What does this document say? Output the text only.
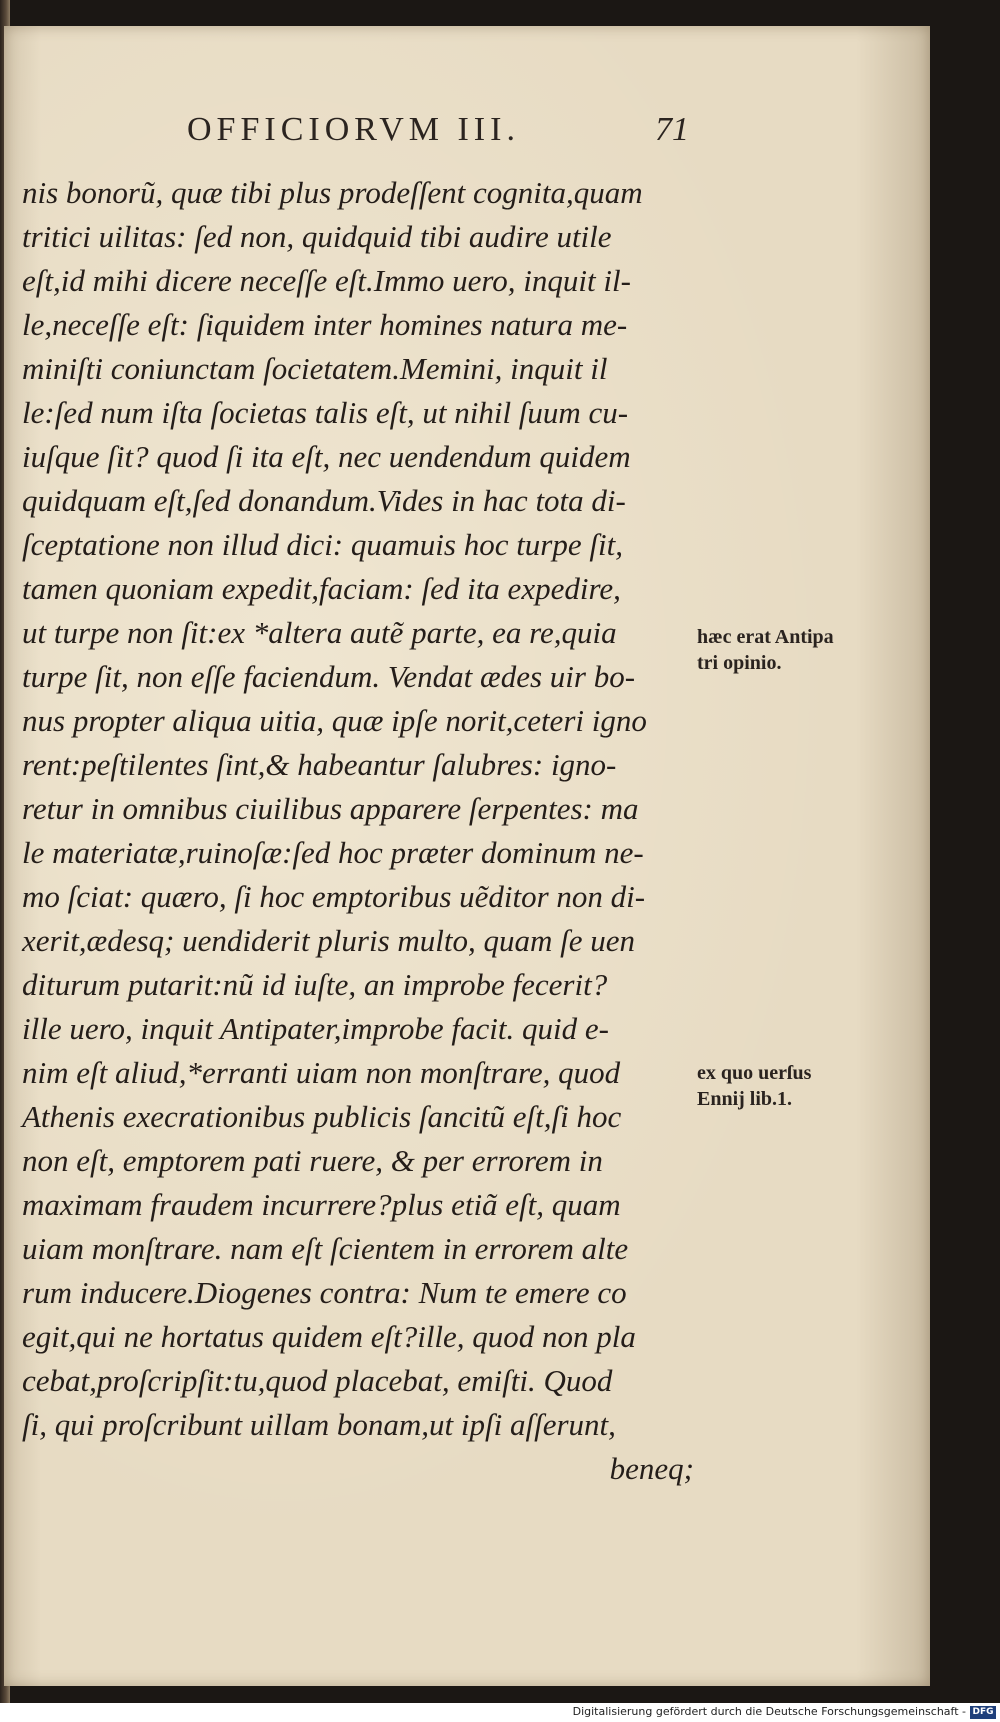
OFFICIORVM III.	71
nis bonorũ, quæ tibi plus prodeſſent cognita,quam
tritici uilitas: ſed non, quidquid tibi audire utile
eſt,id mihi dicere neceſſe eſt.Immo uero, inquit il-
le,neceſſe eſt: ſiquidem inter homines natura me-
miniſti coniunctam ſocietatem.Memini, inquit il
le:ſed num iſta ſocietas talis eſt, ut nihil ſuum cu-
iuſque ſit? quod ſi ita eſt, nec uendendum quidem
quidquam eſt,ſed donandum.Vides in hac tota di-
ſceptatione non illud dici: quamuis hoc turpe ſit,
tamen quoniam expedit,faciam: ſed ita expedire,
ut turpe non ſit:ex *altera autẽ parte, ea re,quia
turpe ſit, non eſſe faciendum. Vendat ædes uir bo-
nus propter aliqua uitia, quæ ipſe norit,ceteri igno
rent:peſtilentes ſint,& habeantur ſalubres: igno-
retur in omnibus ciuilibus apparere ſerpentes: ma
le materiatæ,ruinoſæ:ſed hoc præter dominum ne-
mo ſciat: quæro, ſi hoc emptoribus uẽditor non di-
xerit,ædesq; uendiderit pluris multo, quam ſe uen
diturum putarit:nũ id iuſte, an improbe fecerit?
ille uero, inquit Antipater,improbe facit. quid e-
nim eſt aliud,*erranti uiam non monſtrare, quod
Athenis execrationibus publicis ſancitũ eſt,ſi hoc
non eſt, emptorem pati ruere, & per errorem in
maximam fraudem incurrere?plus etiã eſt, quam
uiam monſtrare. nam eſt ſcientem in errorem alte
rum inducere.Diogenes contra: Num te emere co
egit,qui ne hortatus quidem eſt?ille, quod non pla
cebat,proſcripſit:tu,quod placebat, emiſti. Quod
ſi, qui proſcribunt uillam bonam,ut ipſi aſſerunt,
beneq;
hæc erat Antipa
tri opinio.
ex quo uerſus
Ennij lib.1.
Digitalisierung gefördert durch die Deutsche Forschungsgemeinschaft - DFG
